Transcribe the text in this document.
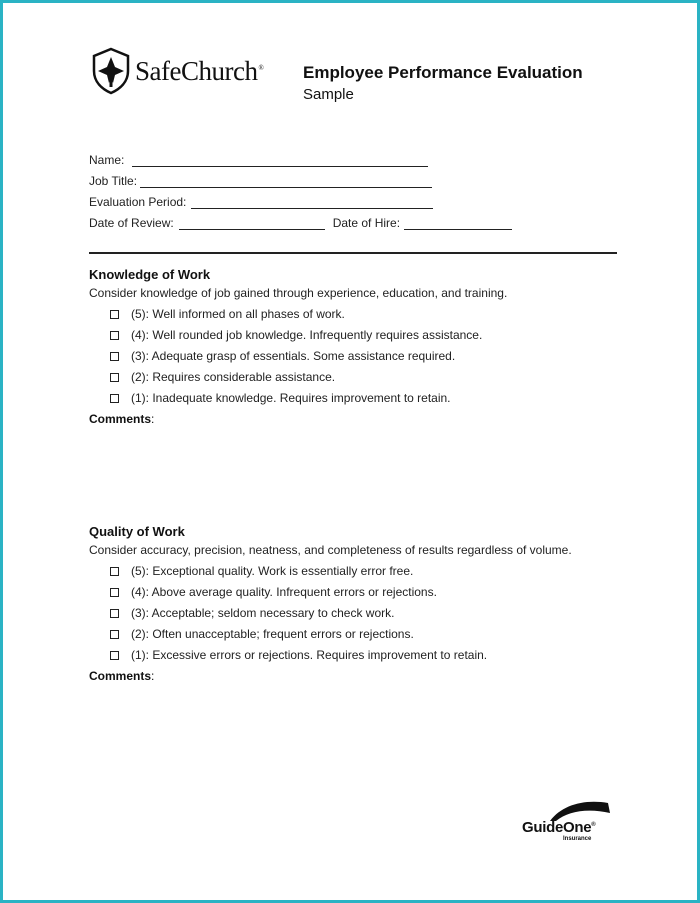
SafeChurch® Employee Performance Evaluation
Sample
Name:
Job Title:
Evaluation Period:
Date of Review:	Date of Hire:
Knowledge of Work
Consider knowledge of job gained through experience, education, and training.
(5): Well informed on all phases of work.
(4): Well rounded job knowledge. Infrequently requires assistance.
(3): Adequate grasp of essentials. Some assistance required.
(2): Requires considerable assistance.
(1): Inadequate knowledge. Requires improvement to retain.
Comments:
Quality of Work
Consider accuracy, precision, neatness, and completeness of results regardless of volume.
(5): Exceptional quality. Work is essentially error free.
(4): Above average quality. Infrequent errors or rejections.
(3): Acceptable; seldom necessary to check work.
(2): Often unacceptable; frequent errors or rejections.
(1): Excessive errors or rejections. Requires improvement to retain.
Comments:
GuideOne®
Insurance
